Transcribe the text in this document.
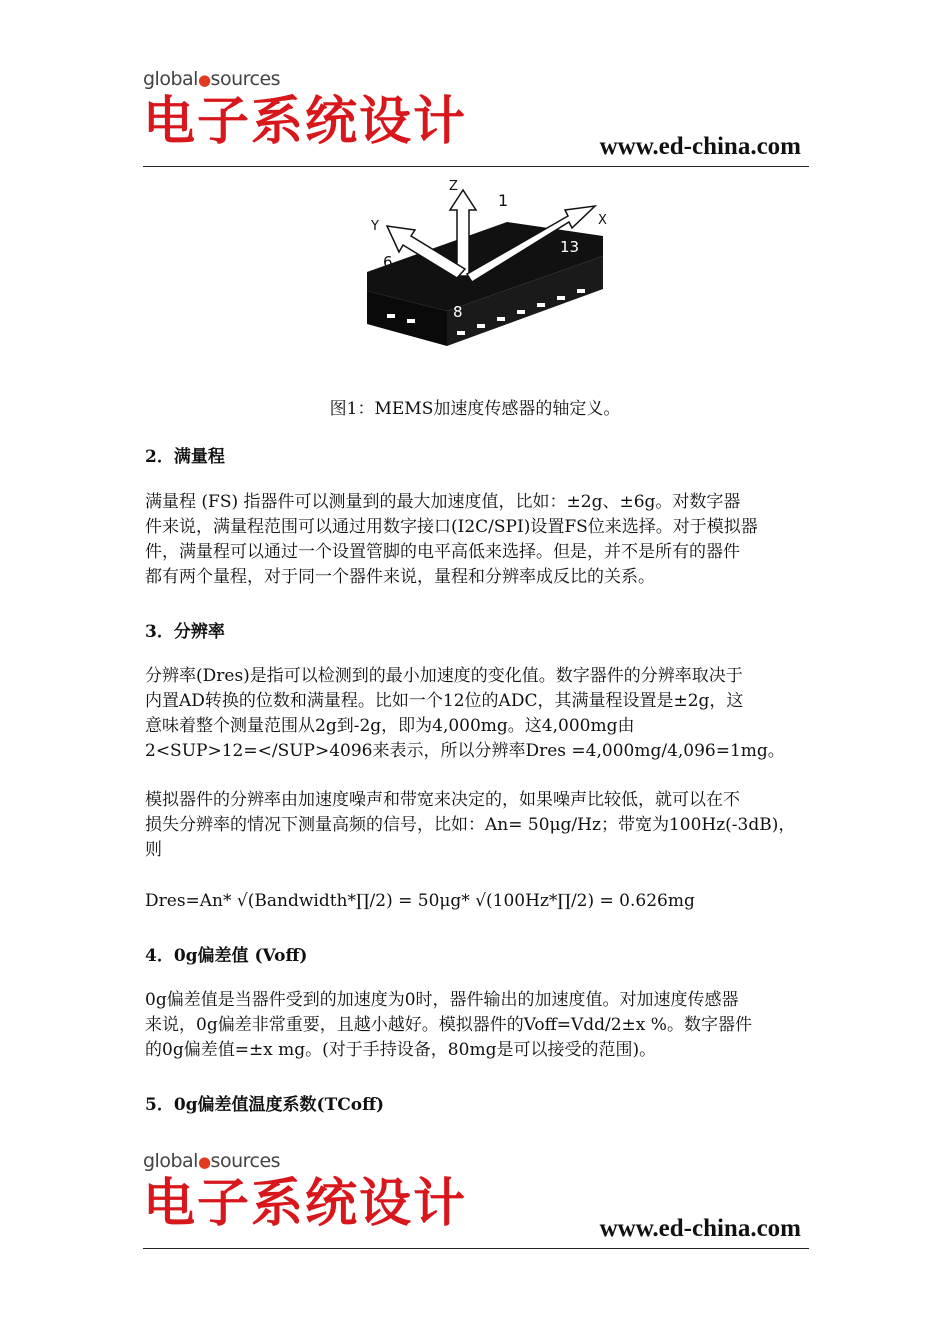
global●sources
电子系统设计	www.ed-china.com
Z
Y	X
1
6
13
8
图1：MEMS加速度传感器的轴定义。
2．满量程
满量程 (FS) 指器件可以测量到的最大加速度值，比如：±2g、±6g。对数字器
件来说，满量程范围可以通过用数字接口(I2C/SPI)设置FS位来选择。对于模拟器
件，满量程可以通过一个设置管脚的电平高低来选择。但是，并不是所有的器件
都有两个量程，对于同一个器件来说，量程和分辨率成反比的关系。
3．分辨率
分辨率(Dres)是指可以检测到的最小加速度的变化值。数字器件的分辨率取决于
内置AD转换的位数和满量程。比如一个12位的ADC，其满量程设置是±2g，这
意味着整个测量范围从2g到-2g，即为4,000mg。这4,000mg由
2<SUP>12=</SUP>4096来表示，所以分辨率Dres =4,000mg/4,096=1mg。
模拟器件的分辨率由加速度噪声和带宽来决定的，如果噪声比较低，就可以在不
损失分辨率的情况下测量高频的信号，比如：An= 50μg/Hz；带宽为100Hz(-3dB)，
则
Dres=An* √(Bandwidth*∏/2) = 50μg* √(100Hz*∏/2) = 0.626mg
4．0g偏差值 (Voff)
0g偏差值是当器件受到的加速度为0时，器件输出的加速度值。对加速度传感器
来说，0g偏差非常重要，且越小越好。模拟器件的Voff=Vdd/2±x %。数字器件
的0g偏差值=±x mg。(对于手持设备，80mg是可以接受的范围)。
5．0g偏差值温度系数(TCoff)
global●sources
电子系统设计	www.ed-china.com
